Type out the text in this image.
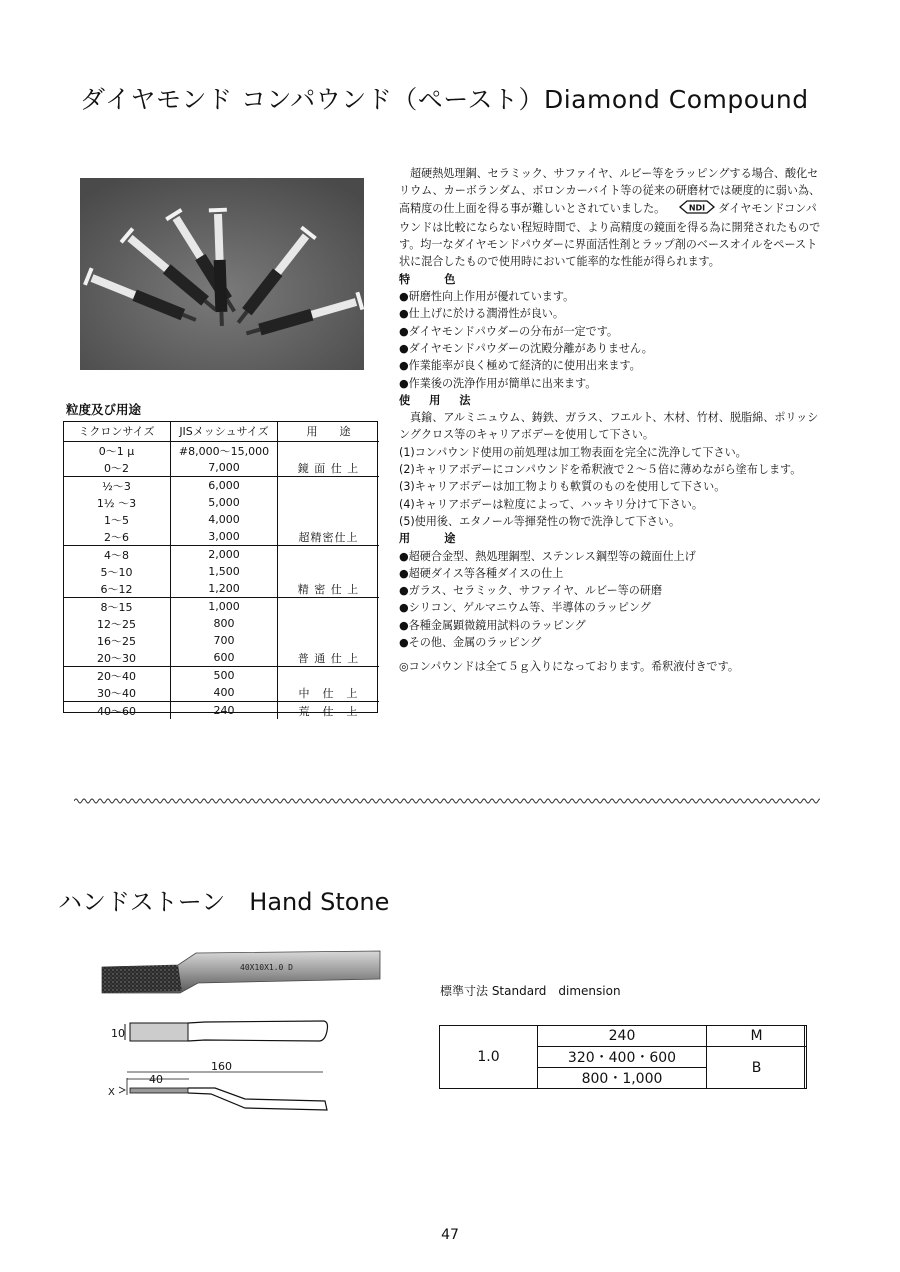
ダイヤモンド コンパウンド（ペースト）Diamond Compound
粒度及び用途
ミクロンサイズ	JISメッシュサイズ	用　　途
0〜1 μ	#8,000〜15,000	
0〜2	7,000	鏡 面 仕 上
½〜3	6,000	
1½ 〜3	5,000	
1〜5	4,000	
2〜6	3,000	超精密仕上
4〜8	2,000	
5〜10	1,500	
6〜12	1,200	精 密 仕 上
8〜15	1,000	
12〜25	800	
16〜25	700	
20〜30	600	普 通 仕 上
20〜40	500	
30〜40	400	中　仕　上
40〜60	240	荒　仕　上

超硬熱処理鋼、セラミック、サファイヤ、ルビー等をラッピングする場合、酸化セリウム、カーボランダム、ボロンカーバイト等の従来の研磨材では硬度的に弱い為、高精度の仕上面を得る事が難しいとされていました。	NDI ダイヤモンドコンパウンドは比較にならない程短時間で、より高精度の鏡面を得る為に開発されたものです。均一なダイヤモンドパウダーに界面活性剤とラップ剤のベースオイルをペースト状に混合したもので使用時において能率的な性能が得られます。

特　　色

●研磨性向上作用が優れています。

●仕上げに於ける潤滑性が良い。

●ダイヤモンドパウダーの分布が一定です。

●ダイヤモンドパウダーの沈殿分離がありません。

●作業能率が良く極めて経済的に使用出来ます。

●作業後の洗浄作用が簡単に出来ます。

使　用　法

真鍮、アルミニュウム、鋳鉄、ガラス、フエルト、木材、竹材、脱脂綿、ポリッシングクロス等のキャリアボデーを使用して下さい。

(1)コンパウンド使用の前処理は加工物表面を完全に洗浄して下さい。

(2)キャリアボデーにコンパウンドを希釈液で２〜５倍に薄めながら塗布します。

(3)キャリアボデーは加工物よりも軟質のものを使用して下さい。

(4)キャリアボデーは粒度によって、ハッキリ分けて下さい。

(5)使用後、エタノール等揮発性の物で洗浄して下さい。

用　　途

●超硬合金型、熱処理鋼型、ステンレス鋼型等の鏡面仕上げ

●超硬ダイス等各種ダイスの仕上

●ガラス、セラミック、サファイヤ、ルビー等の研磨

●シリコン、ゲルマニウム等、半導体のラッピング

●各種金属顕微鏡用試料のラッピング

●その他、金属のラッピング

◎コンパウンドは全て５ｇ入りになっております。希釈液付きです。

ハンドストーン　Hand Stone
40X10X1.0 D
10
160
40
X
標準寸法 Standard　dimension
1.0	240	M
	320・400・600	B
	800・1,000	
47
